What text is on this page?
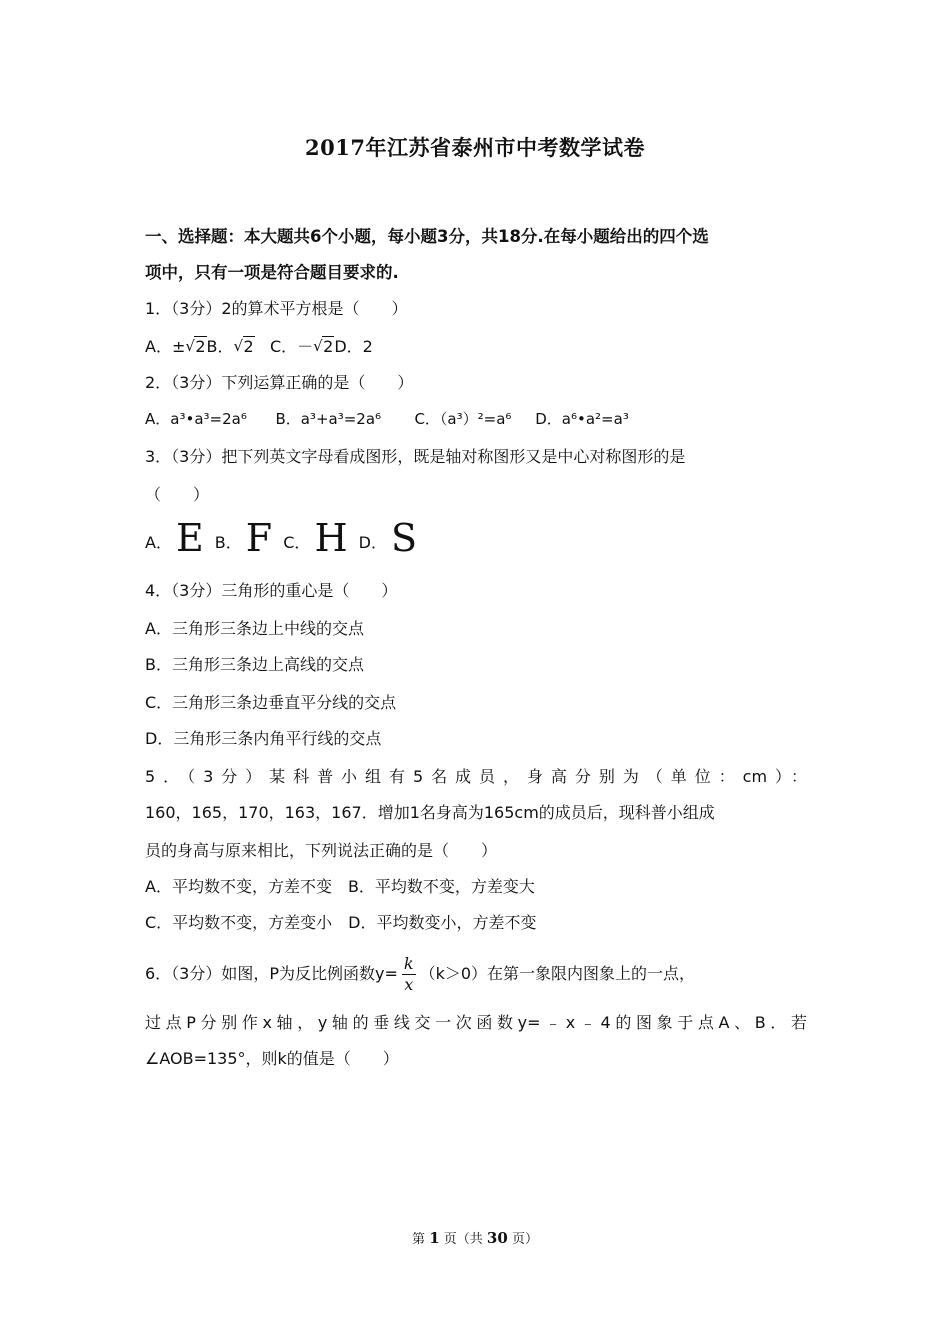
2017年江苏省泰州市中考数学试卷
一、选择题：本大题共6个小题，每小题3分，共18分.在每小题给出的四个选
项中，只有一项是符合题目要求的.
1．（3分）2的算术平方根是（　　）
A．± √ 2B． √ 2 C．－ √ 2D．2
2．（3分）下列运算正确的是（　　）
A．a³•a³=2a⁶ B．a³+a³=2a⁶ C．（a³）²=a⁶ D．a⁶•a²=a³
3．（3分）把下列英文字母看成图形，既是轴对称图形又是中心对称图形的是
（　　）
A． E B． F C． H D． S
4．（3分）三角形的重心是（　　）
A．三角形三条边上中线的交点
B．三角形三条边上高线的交点
C．三角形三条边垂直平分线的交点
D．三角形三条内角平行线的交点
5．（3分）某科普小组有5名成员，身高分别为（单位：cm）：
160，165，170，163，167．增加1名身高为165cm的成员后，现科普小组成
员的身高与原来相比，下列说法正确的是（　　）
A．平均数不变，方差不变　B．平均数不变，方差变大
C．平均数不变，方差变小　D．平均数变小，方差不变
6．（3分）如图，P为反比例函数$y= \frac{k}{x} (k>0)$在第一象限内图象上的一点，
过点P分别作x轴，y轴的垂线交一次函数y=﹣x﹣4的图象于点A、B．若
∠AOB=135°，则k的值是（　　）
第 1 页（共 30 页）
